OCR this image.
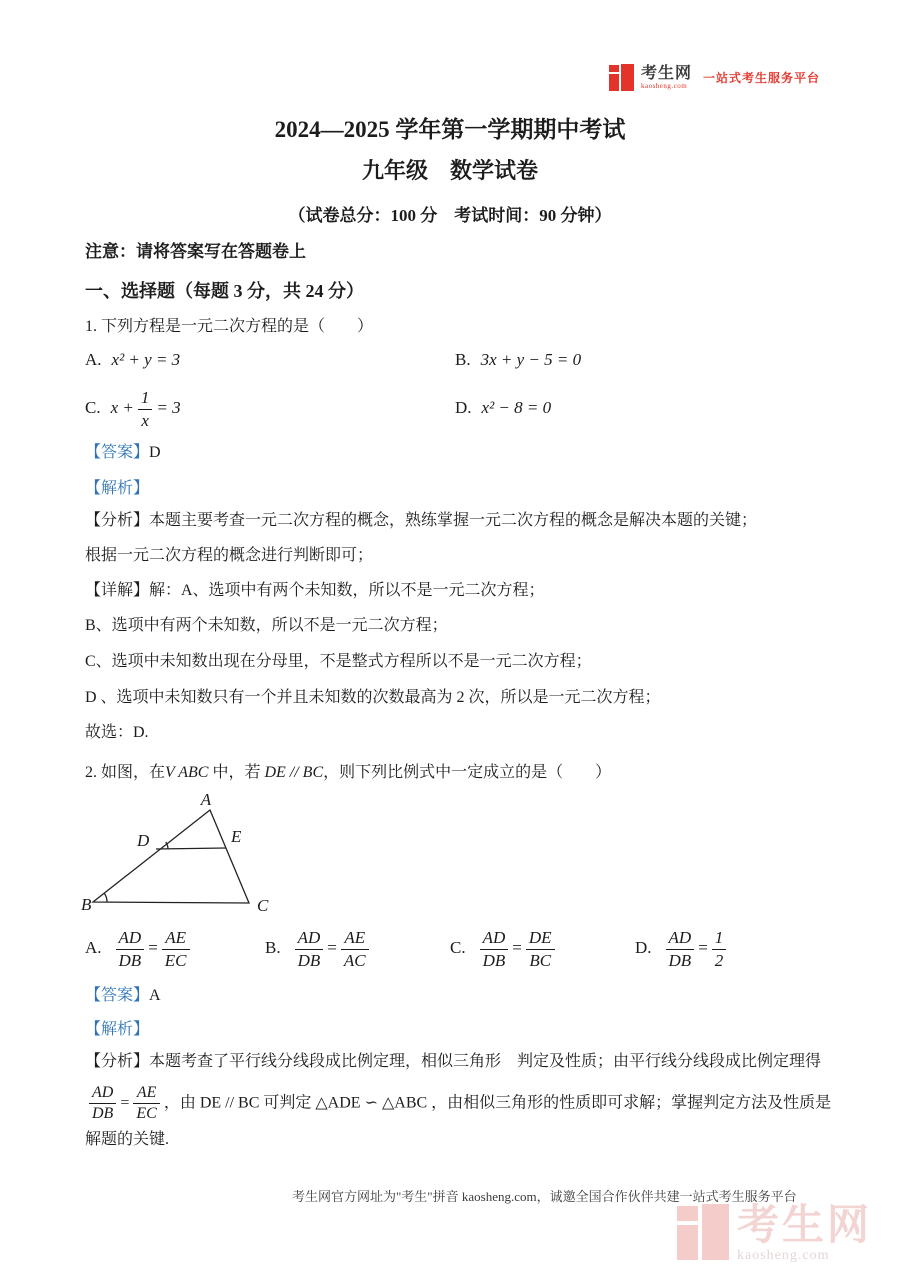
考生网
kaosheng.com
一站式考生服务平台
2024—2025 学年第一学期期中考试
九年级　数学试卷
（试卷总分：100 分　考试时间：90 分钟）
注意：请将答案写在答题卷上
一、选择题（每题 3 分，共 24 分）
1. 下列方程是一元二次方程的是（　　）
A. x² + y = 3	B. 3x + y − 5 = 0
C. $x + \frac{1}{x} = 3$	D. x² − 8 = 0
【答案】D
【解析】
【分析】本题主要考查一元二次方程的概念，熟练掌握一元二次方程的概念是解决本题的关键；
根据一元二次方程的概念进行判断即可；
【详解】解：A、选项中有两个未知数，所以不是一元二次方程；
B、选项中有两个未知数，所以不是一元二次方程；
C、选项中未知数出现在分母里，不是整式方程所以不是一元二次方程；
D 、选项中未知数只有一个并且未知数的次数最高为 2 次，所以是一元二次方程；
故选：D.
2. 如图，在V ABC 中，若 DE // BC，则下列比例式中一定成立的是（　　）
A
B	C
D	E
A. $\frac{AD}{DB} = \frac{AE}{EC}$	B. $\frac{AD}{DB} = \frac{AE}{AC}$	C. $\frac{AD}{DB} = \frac{DE}{BC}$	D. $\frac{AD}{DB} = \frac{1}{2}$
【答案】A
【解析】
【分析】本题考查了平行线分线段成比例定理，相似三角形　判定及性质；由平行线分线段成比例定理得
$\frac{AD}{DB} = \frac{AE}{EC}$ ，由 DE // BC 可判定 △ADE ∽ △ABC ，由相似三角形的性质即可求解；掌握判定方法及性质是解题的关键.
考生网官方网址为"考生"拼音 kaosheng.com，诚邀全国合作伙伴共建一站式考生服务平台
考生网
kaosheng.com
